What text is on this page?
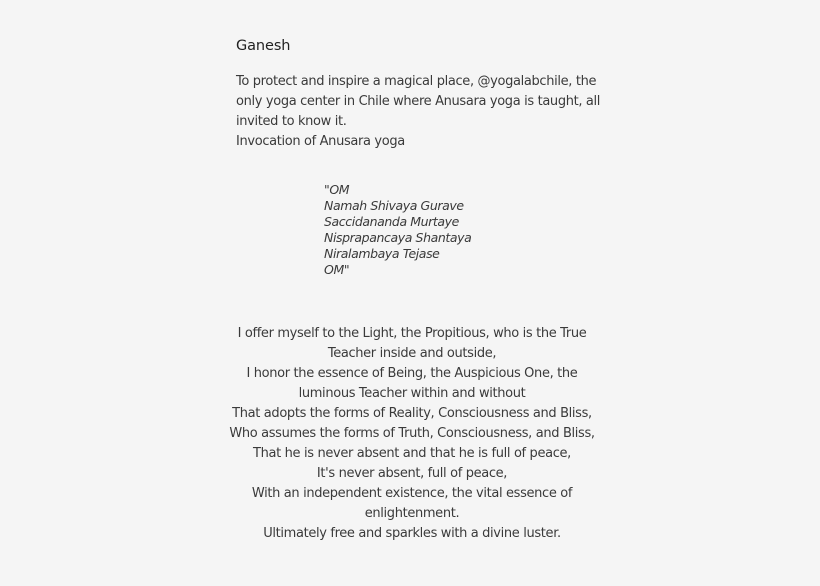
Ganesh
To protect and inspire a magical place, @yogalabchile, the
only yoga center in Chile where Anusara yoga is taught, all
invited to know it.
Invocation of Anusara yoga
"OM
Namah Shivaya Gurave
Saccidananda Murtaye
Nisprapancaya Shantaya
Niralambaya Tejase
OM"
I offer myself to the Light, the Propitious, who is the True
Teacher inside and outside,
I honor the essence of Being, the Auspicious One, the
luminous Teacher within and without
That adopts the forms of Reality, Consciousness and Bliss,
Who assumes the forms of Truth, Consciousness, and Bliss,
That he is never absent and that he is full of peace,
It's never absent, full of peace,
With an independent existence, the vital essence of
enlightenment.
Ultimately free and sparkles with a divine luster.
